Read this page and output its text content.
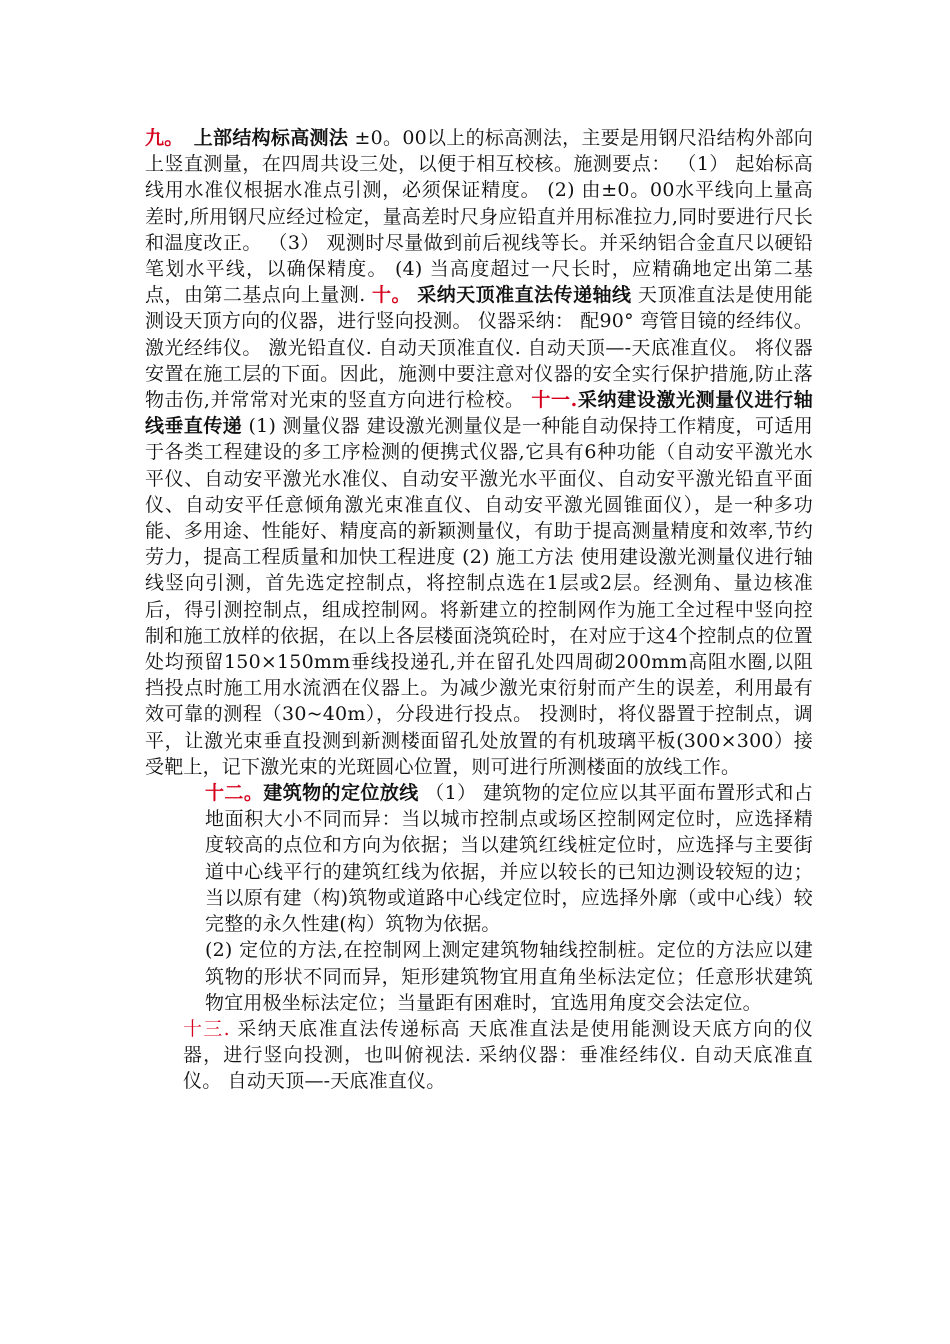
九。 上部结构标高测法 ±0。00以上的标高测法，主要是用钢尺沿结构外部向上竖直测量，在四周共设三处，以便于相互校核。施测要点： （1） 起始标高线用水准仪根据水准点引测，必须保证精度。 (2) 由±0。00水平线向上量高差时,所用钢尺应经过检定，量高差时尺身应铅直并用标准拉力,同时要进行尺长和温度改正。 （3） 观测时尽量做到前后视线等长。并采纳铝合金直尺以硬铅笔划水平线，以确保精度。 (4) 当高度超过一尺长时，应精确地定出第二基点，由第二基点向上量测. 十。 采纳天顶准直法传递轴线 天顶准直法是使用能测设天顶方向的仪器，进行竖向投测。 仪器采纳： 配90° 弯管目镜的经纬仪。 激光经纬仪。 激光铅直仪. 自动天顶准直仪. 自动天顶—-天底准直仪。 将仪器安置在施工层的下面。因此，施测中要注意对仪器的安全实行保护措施,防止落物击伤,并常常对光束的竖直方向进行检校。 十一.采纳建设激光测量仪进行轴线垂直传递 (1) 测量仪器 建设激光测量仪是一种能自动保持工作精度，可适用于各类工程建设的多工序检测的便携式仪器,它具有6种功能（自动安平激光水平仪、自动安平激光水准仪、自动安平激光水平面仪、自动安平激光铅直平面仪、自动安平任意倾角激光束准直仪、自动安平激光圆锥面仪），是一种多功能、多用途、性能好、精度高的新颖测量仪，有助于提高测量精度和效率,节约劳力，提高工程质量和加快工程进度 (2) 施工方法 使用建设激光测量仪进行轴线竖向引测，首先选定控制点，将控制点选在1层或2层。经测角、量边核准后，得引测控制点，组成控制网。将新建立的控制网作为施工全过程中竖向控制和施工放样的依据，在以上各层楼面浇筑砼时，在对应于这4个控制点的位置处均预留150×150mm垂线投递孔,并在留孔处四周砌200mm高阻水圈,以阻挡投点时施工用水流洒在仪器上。为减少激光束衍射而产生的误差，利用最有效可靠的测程（30~40m），分段进行投点。 投测时，将仪器置于控制点，调平，让激光束垂直投测到新测楼面留孔处放置的有机玻璃平板(300×300）接受靶上，记下激光束的光斑圆心位置，则可进行所测楼面的放线工作。

十二。建筑物的定位放线 （1） 建筑物的定位应以其平面布置形式和占地面积大小不同而异：当以城市控制点或场区控制网定位时，应选择精度较高的点位和方向为依据；当以建筑红线桩定位时，应选择与主要街道中心线平行的建筑红线为依据，并应以较长的已知边测设较短的边；当以原有建（构)筑物或道路中心线定位时，应选择外廓（或中心线）较完整的永久性建(构）筑物为依据。

(2) 定位的方法,在控制网上测定建筑物轴线控制桩。定位的方法应以建筑物的形状不同而异，矩形建筑物宜用直角坐标法定位；任意形状建筑物宜用极坐标法定位；当量距有困难时，宜选用角度交会法定位。

十三. 采纳天底准直法传递标高 天底准直法是使用能测设天底方向的仪器，进行竖向投测，也叫俯视法. 采纳仪器：垂准经纬仪. 自动天底准直仪。 自动天顶—-天底准直仪。
